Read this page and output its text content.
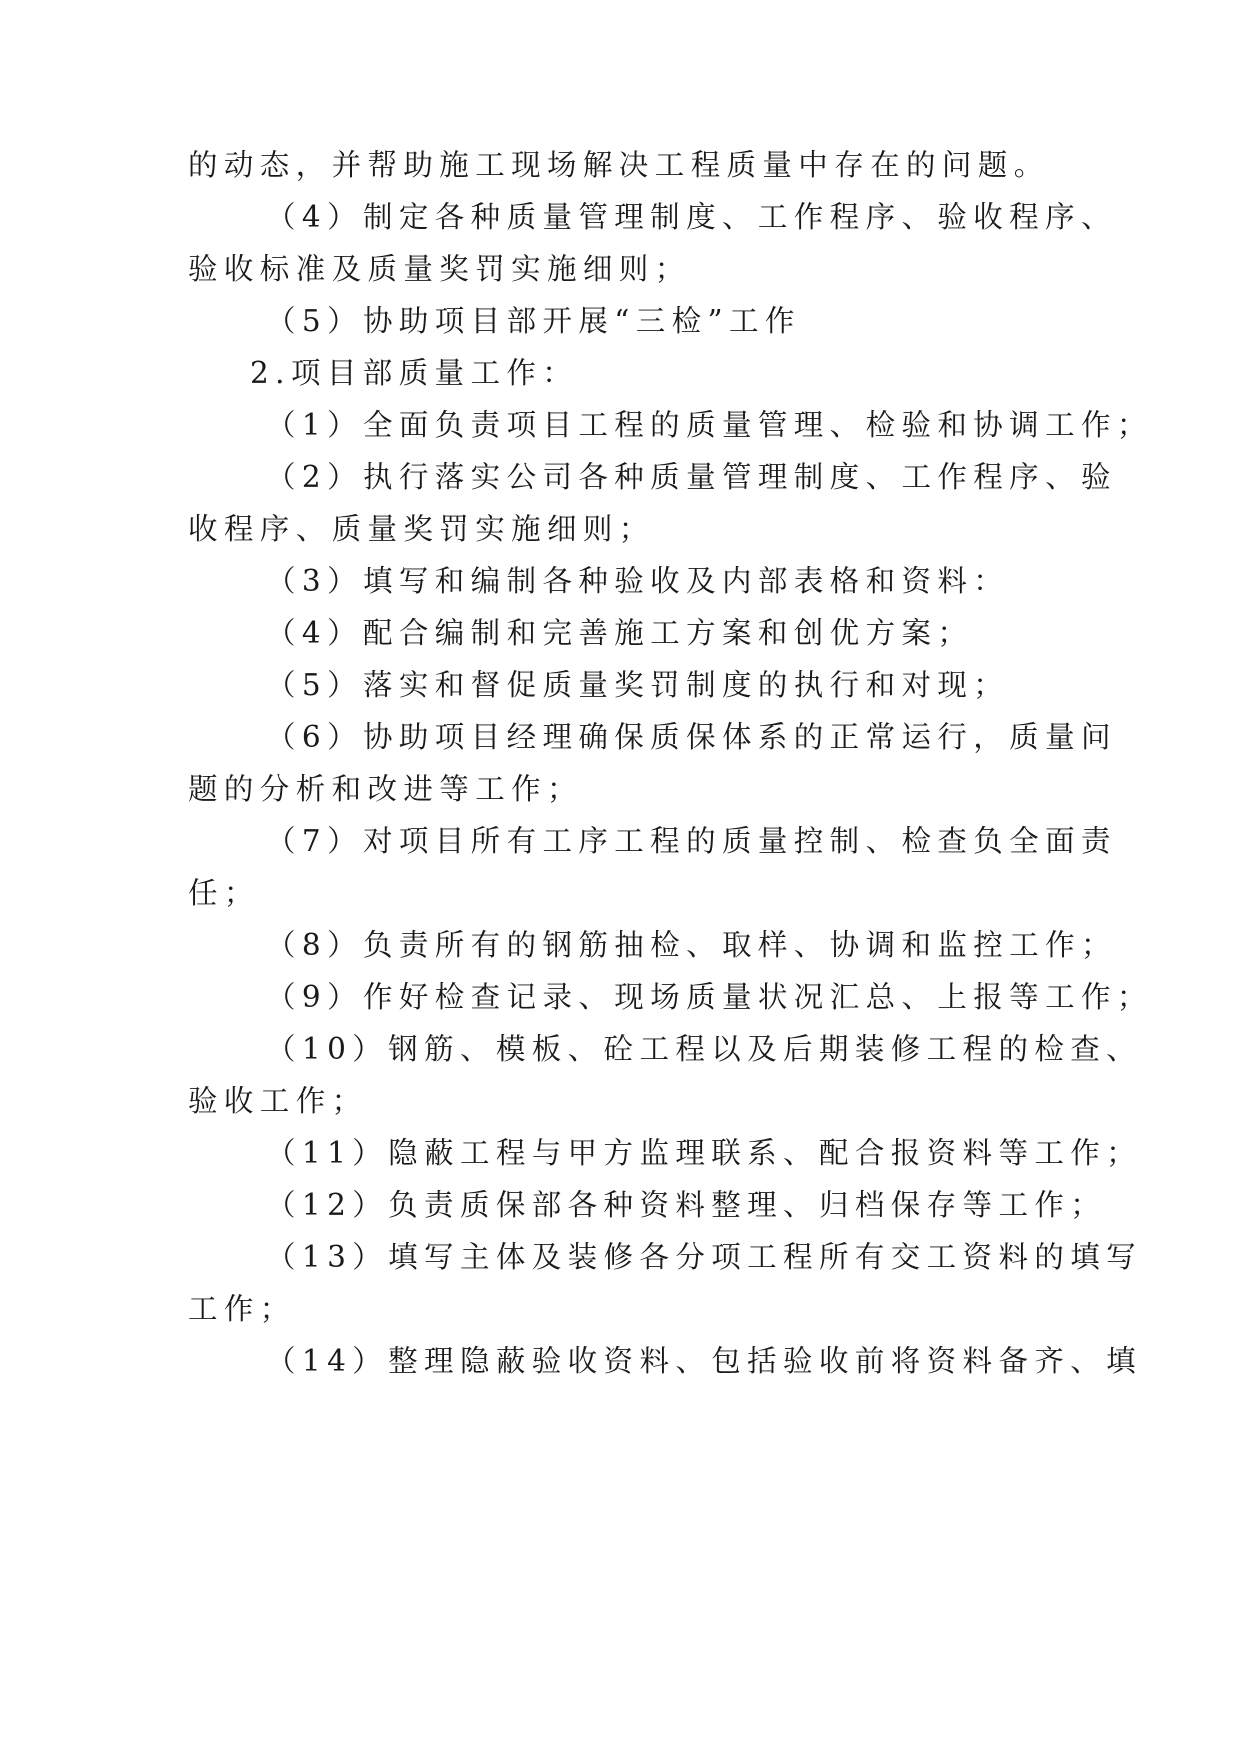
的动态，并帮助施工现场解决工程质量中存在的问题。
（4）制定各种质量管理制度、工作程序、验收程序、
验收标准及质量奖罚实施细则；
（5）协助项目部开展“三检”工作
2.项目部质量工作：
（1）全面负责项目工程的质量管理、检验和协调工作；
（2）执行落实公司各种质量管理制度、工作程序、验
收程序、质量奖罚实施细则；
（3）填写和编制各种验收及内部表格和资料：
（4）配合编制和完善施工方案和创优方案；
（5）落实和督促质量奖罚制度的执行和对现；
（6）协助项目经理确保质保体系的正常运行，质量问
题的分析和改进等工作；
（7）对项目所有工序工程的质量控制、检查负全面责
任；
（8）负责所有的钢筋抽检、取样、协调和监控工作；
（9）作好检查记录、现场质量状况汇总、上报等工作；
（10）钢筋、模板、砼工程以及后期装修工程的检查、
验收工作；
（11）隐蔽工程与甲方监理联系、配合报资料等工作；
（12）负责质保部各种资料整理、归档保存等工作；
（13）填写主体及装修各分项工程所有交工资料的填写
工作；
（14）整理隐蔽验收资料、包括验收前将资料备齐、填
